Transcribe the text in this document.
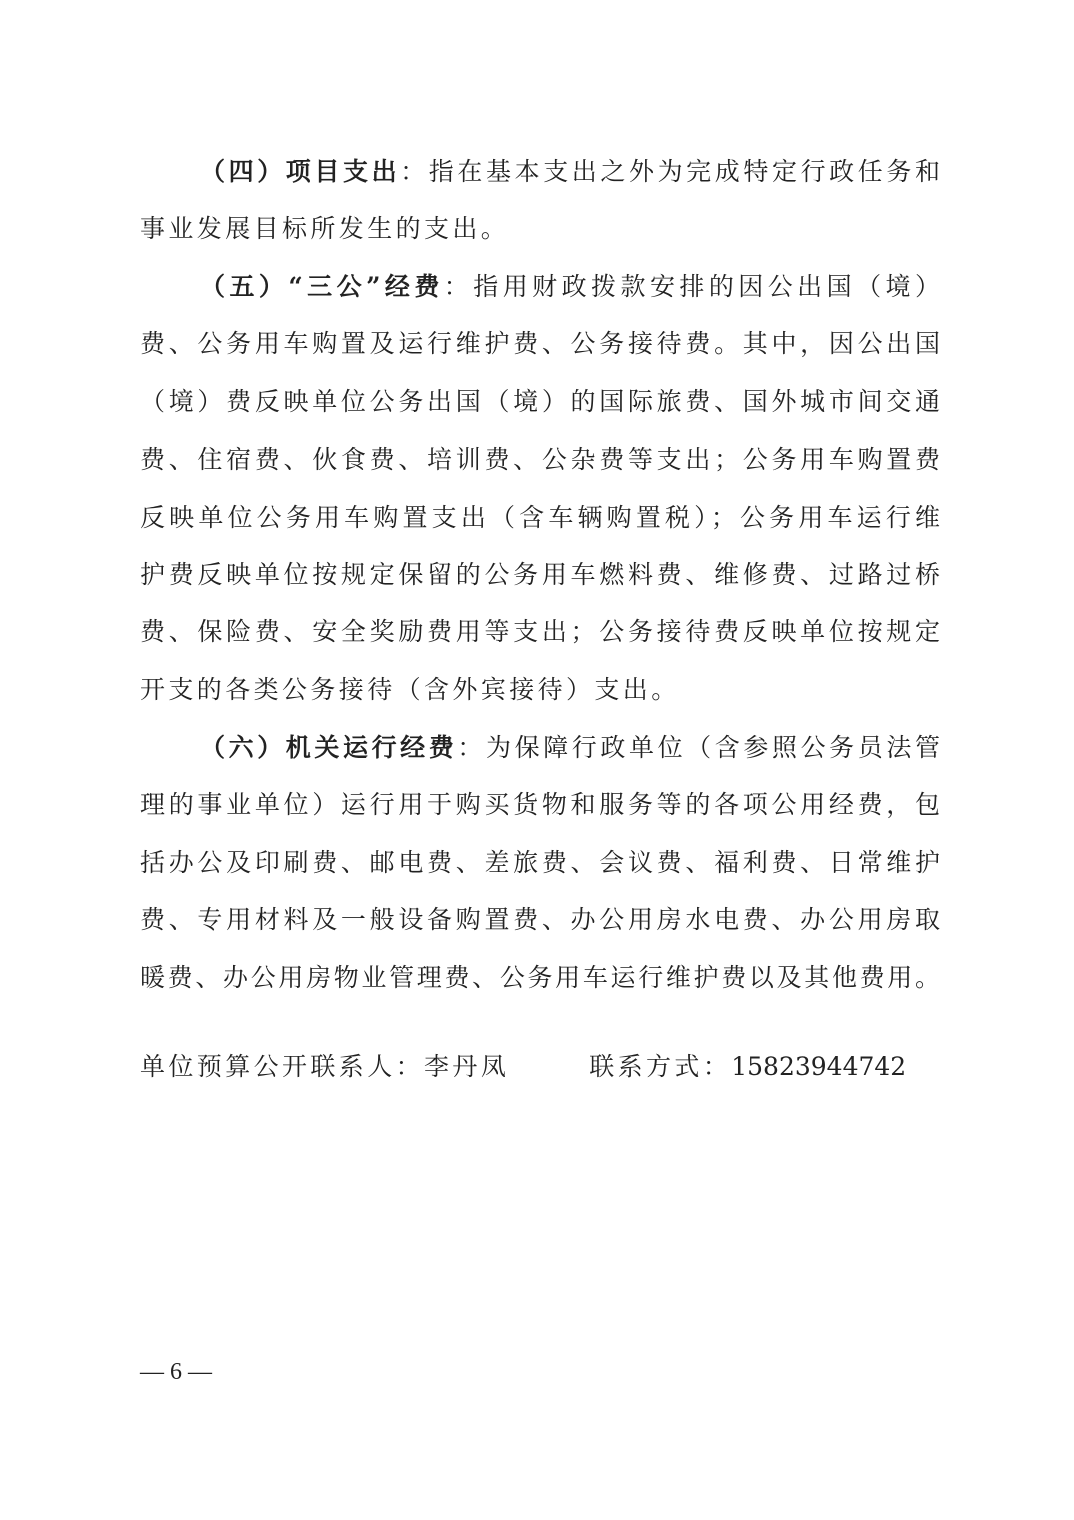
（四）项目支出：指在基本支出之外为完成特定行政任务和
事业发展目标所发生的支出。
（五）“三公”经费：指用财政拨款安排的因公出国（境）
费、公务用车购置及运行维护费、公务接待费。其中，因公出国
（境）费反映单位公务出国（境）的国际旅费、国外城市间交通
费、住宿费、伙食费、培训费、公杂费等支出；公务用车购置费
反映单位公务用车购置支出（含车辆购置税）；公务用车运行维
护费反映单位按规定保留的公务用车燃料费、维修费、过路过桥
费、保险费、安全奖励费用等支出；公务接待费反映单位按规定
开支的各类公务接待（含外宾接待）支出。
（六）机关运行经费：为保障行政单位（含参照公务员法管
理的事业单位）运行用于购买货物和服务等的各项公用经费，包
括办公及印刷费、邮电费、差旅费、会议费、福利费、日常维护
费、专用材料及一般设备购置费、办公用房水电费、办公用房取
暖费、办公用房物业管理费、公务用车运行维护费以及其他费用。
单位预算公开联系人：李丹凤	联系方式：15823944742
— 6 —
